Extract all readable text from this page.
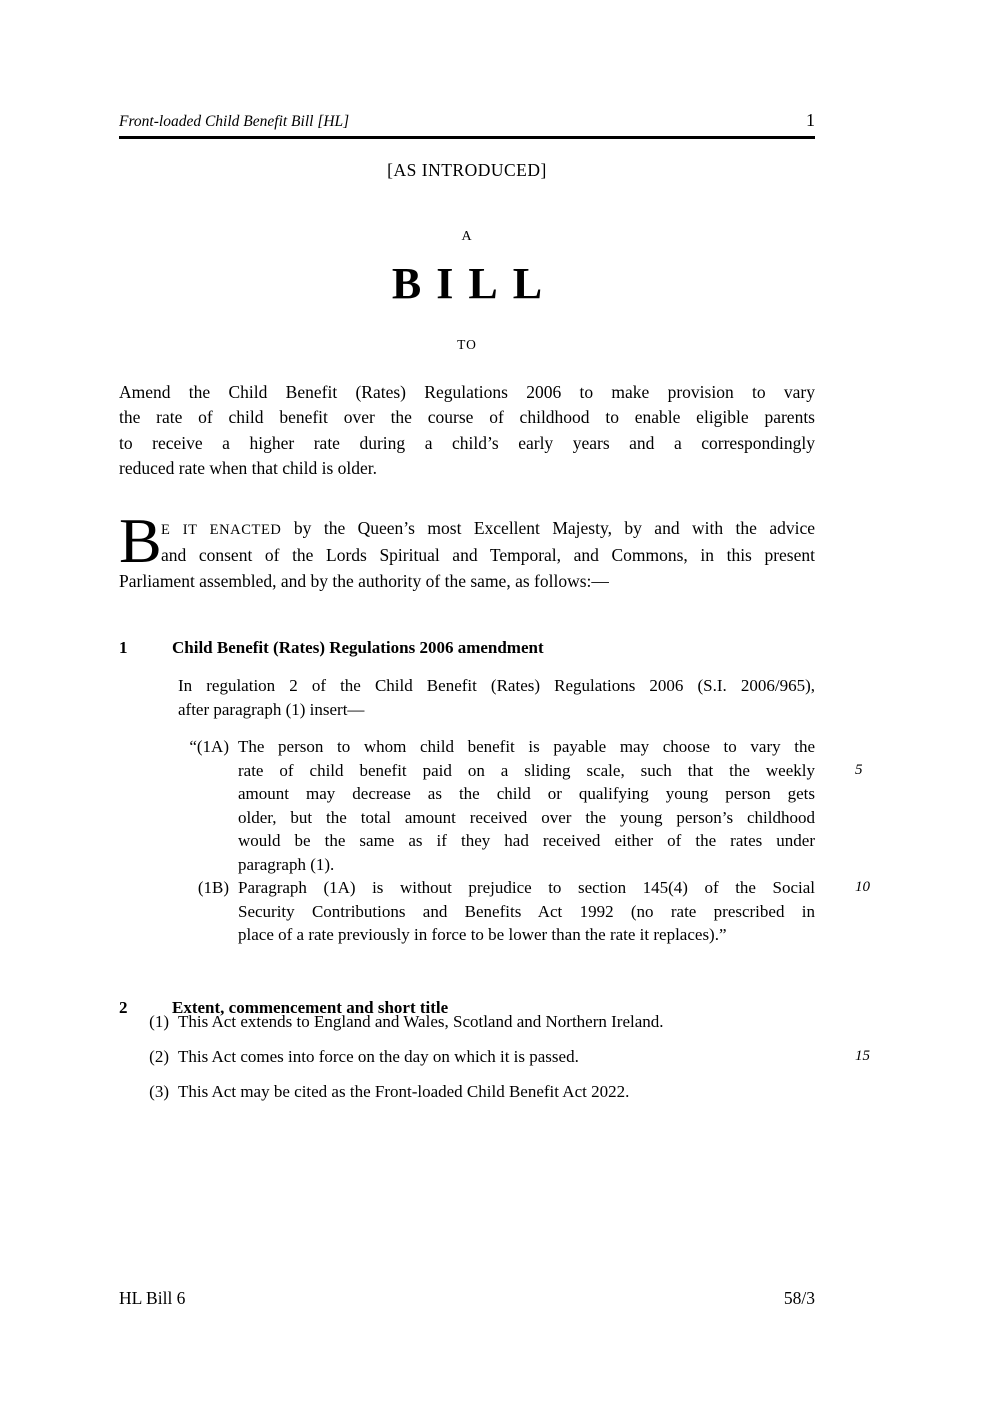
Front-loaded Child Benefit Bill [HL]	1
[AS INTRODUCED]
A
BILL
TO
Amend the Child Benefit (Rates) Regulations 2006 to make provision to vary
the rate of child benefit over the course of childhood to enable eligible parents
to receive a higher rate during a child’s early years and a correspondingly
reduced rate when that child is older.
B E IT ENACTED by the Queen’s most Excellent Majesty, by and with the advice
and consent of the Lords Spiritual and Temporal, and Commons, in this present
Parliament assembled, and by the authority of the same, as follows:—
1	Child Benefit (Rates) Regulations 2006 amendment
In regulation 2 of the Child Benefit (Rates) Regulations 2006 (S.I. 2006/965),
after paragraph (1) insert—
“(1A) The person to whom child benefit is payable may choose to vary the
rate of child benefit paid on a sliding scale, such that the weekly	5
amount may decrease as the child or qualifying young person gets
older, but the total amount received over the young person’s childhood
would be the same as if they had received either of the rates under
paragraph (1).
(1B) Paragraph (1A) is without prejudice to section 145(4) of the Social	10
Security Contributions and Benefits Act 1992 (no rate prescribed in
place of a rate previously in force to be lower than the rate it replaces).”
2	Extent, commencement and short title
(1) This Act extends to England and Wales, Scotland and Northern Ireland.
(2) This Act comes into force on the day on which it is passed.	15
(3) This Act may be cited as the Front-loaded Child Benefit Act 2022.
HL Bill 6	58/3
